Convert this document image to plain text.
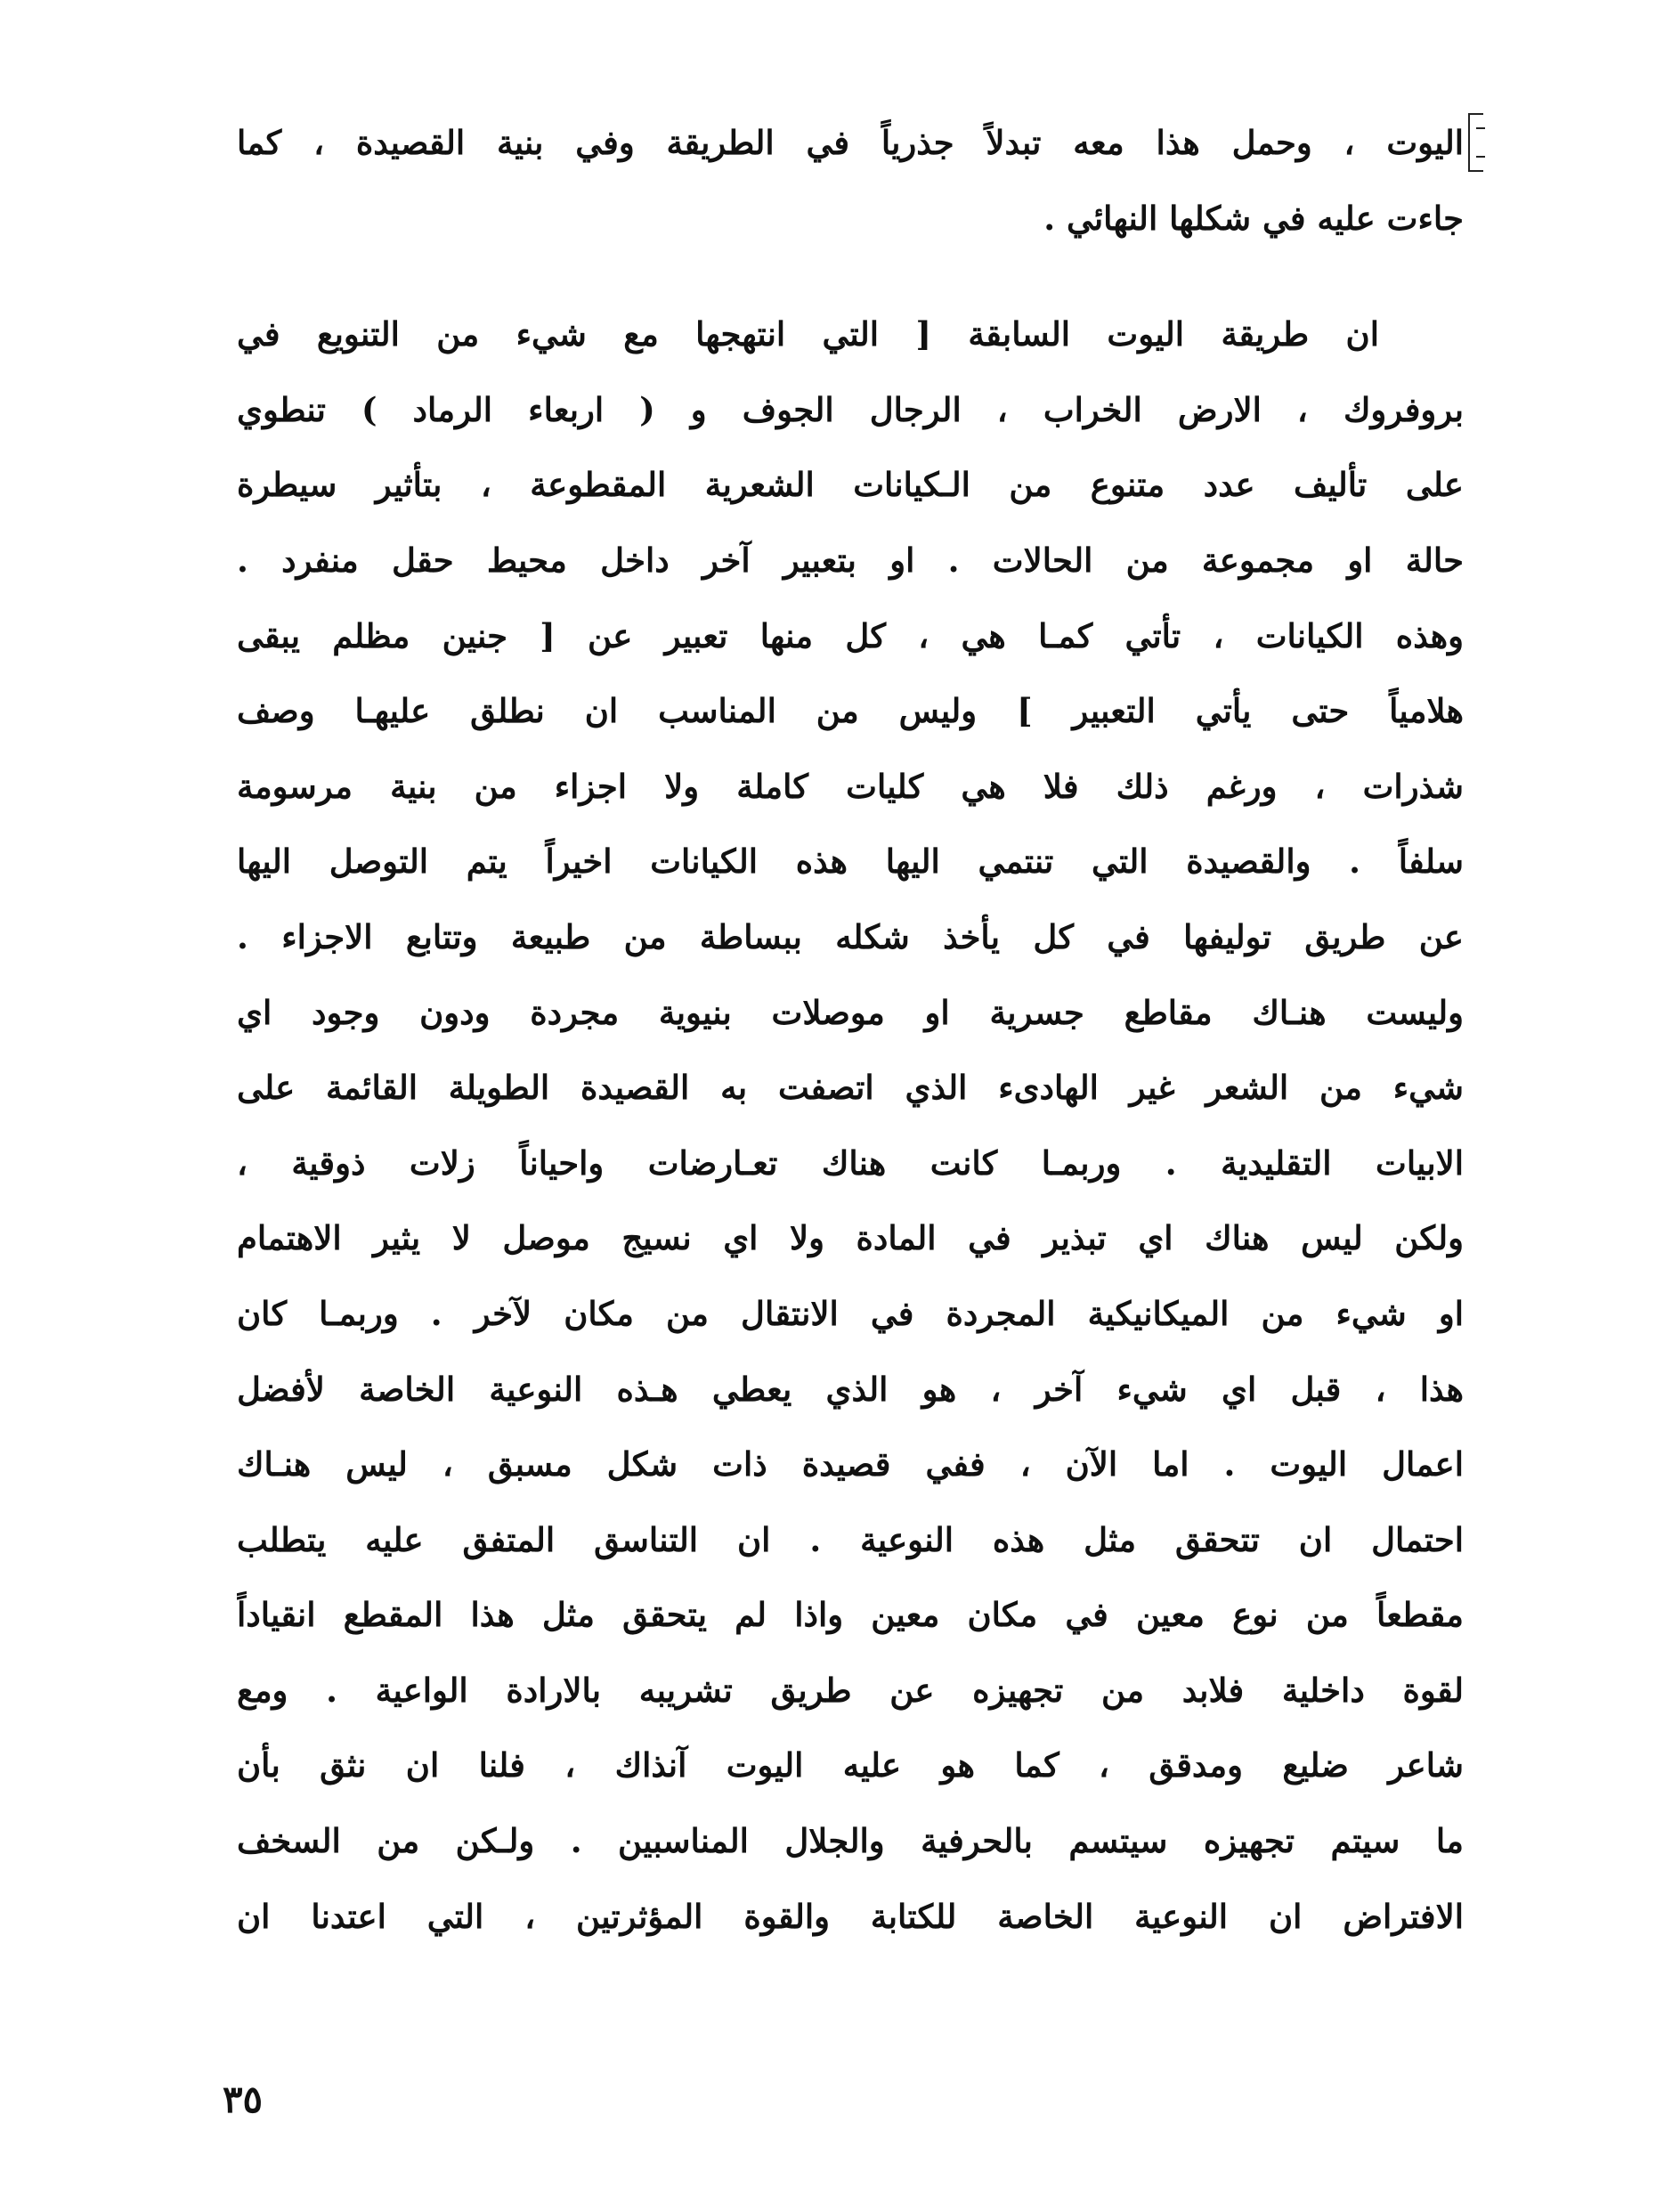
اليوت ، وحمل هذا معه تبدلاً جذرياً في الطريقة وفي بنية القصيدة ، كما
جاءت عليه في شكلها النهائي .
ان طريقة اليوت السابقة [ التي انتهجها مع شيء من التنويع في
بروفروك ، الارض الخراب ، الرجال الجوف و ( اربعاء الرماد ) تنطوي
على تأليف عدد متنوع من الـكيانات الشعرية المقطوعة ، بتأثير سيطرة
حالة او مجموعة من الحالات . او بتعبير آخر داخل محيط حقل منفرد .
وهذه الكيانات ، تأتي كمـا هي ، كل منها تعبير عن [ جنين مظلم يبقى
هلامياً حتى يأتي التعبير ] وليس من المناسب ان نطلق عليهـا وصف
شذرات ، ورغم ذلك فلا هي كليات كاملة ولا اجزاء من بنية مرسومة
سلفاً . والقصيدة التي تنتمي اليها هذه الكيانات اخيراً يتم التوصل اليها
عن طريق توليفها في كل يأخذ شكله ببساطة من طبيعة وتتابع الاجزاء .
وليست هنـاك مقاطع جسرية او موصلات بنيوية مجردة ودون وجود اي
شيء من الشعر غير الهادىء الذي اتصفت به القصيدة الطويلة القائمة على
الابيات التقليدية . وربمـا كانت هناك تعـارضات واحياناً زلات ذوقية ،
ولكن ليس هناك اي تبذير في المادة ولا اي نسيج موصل لا يثير الاهتمام
او شيء من الميكانيكية المجردة في الانتقال من مكان لآخر . وربمـا كان
هذا ، قبل اي شيء آخر ، هو الذي يعطي هـذه النوعية الخاصة لأفضل
اعمال اليوت . اما الآن ، ففي قصيدة ذات شكل مسبق ، ليس هنـاك
احتمال ان تتحقق مثل هذه النوعية . ان التناسق المتفق عليه يتطلب
مقطعاً من نوع معين في مكان معين واذا لم يتحقق مثل هذا المقطع انقياداً
لقوة داخلية فلابد من تجهيزه عن طريق تشريبه بالارادة الواعية . ومع
شاعر ضليع ومدقق ، كما هو عليه اليوت آنذاك ، فلنا ان نثق بأن
ما سيتم تجهيزه سيتسم بالحرفية والجلال المناسبين . ولـكن من السخف
الافتراض ان النوعية الخاصة للكتابة والقوة المؤثرتين ، التي اعتدنا ان
٣٥
